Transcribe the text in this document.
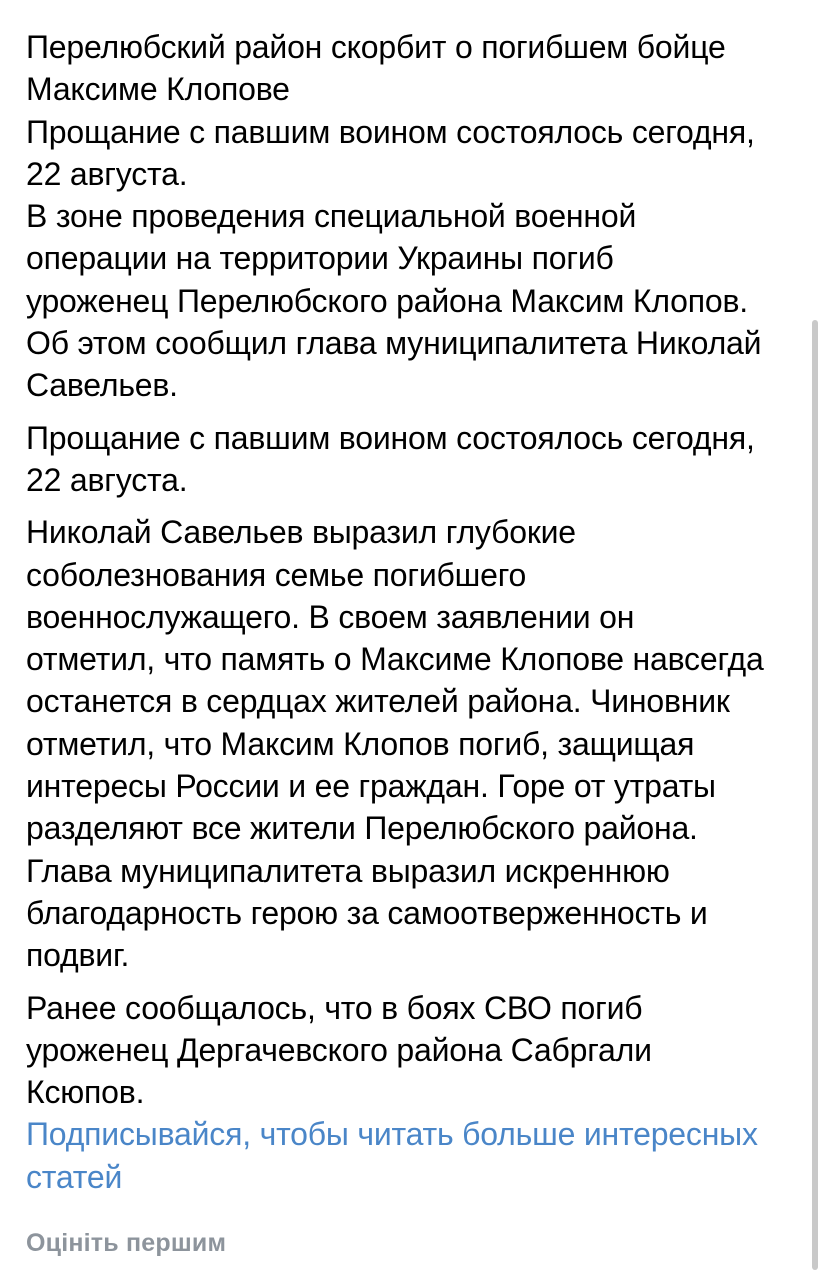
Перелюбский район скорбит о погибшем бойце
Максиме Клопове
Прощание с павшим воином состоялось сегодня,
22 августа.
В зоне проведения специальной военной
операции на территории Украины погиб
уроженец Перелюбского района Максим Клопов.
Об этом сообщил глава муниципалитета Николай
Савельев.

Прощание с павшим воином состоялось сегодня,
22 августа.

Николай Савельев выразил глубокие
соболезнования семье погибшего
военнослужащего. В своем заявлении он
отметил, что память о Максиме Клопове навсегда
останется в сердцах жителей района. Чиновник
отметил, что Максим Клопов погиб, защищая
интересы России и ее граждан. Горе от утраты
разделяют все жители Перелюбского района.
Глава муниципалитета выразил искреннюю
благодарность герою за самоотверженность и
подвиг.

Ранее сообщалось, что в боях СВО погиб
уроженец Дергачевского района Сабргали
Ксюпов.

Подписывайся, чтобы читать больше интересных
статей
Оцініть першим
